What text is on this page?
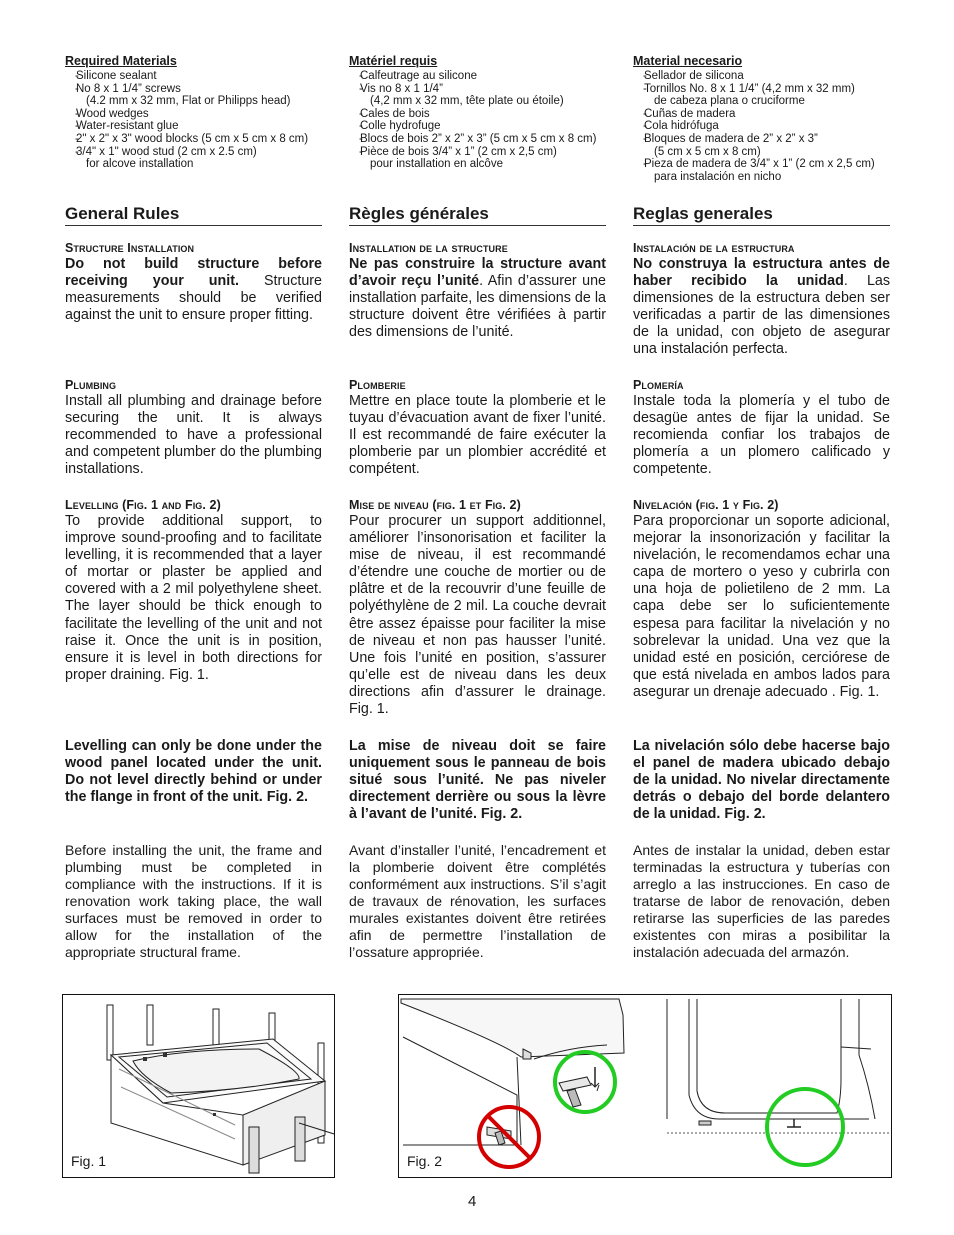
Required Materials

- Silicone sealant
- No 8 x 1 1/4” screws
(4.2 mm x 32 mm, Flat or Philipps head)
- Wood wedges
- Water-resistant glue
- 2" x 2" x 3" wood blocks (5 cm x 5 cm x 8 cm)
- 3/4" x 1" wood stud (2 cm x 2.5 cm)
for alcove installation
General Rules

Structure Installation

Do not build structure before receiving your unit. Structure measurements should be verified against the unit to ensure proper fitting.

Plumbing

Install all plumbing and drainage before securing the unit. It is always recommended to have a professional and competent plumber do the plumbing installations.

Levelling (Fig. 1 and Fig. 2)

To provide additional support, to improve sound-proofing and to facilitate levelling, it is recommended that a layer of mortar or plaster be applied and covered with a 2 mil polyethylene sheet. The layer should be thick enough to facilitate the levelling of the unit and not raise it. Once the unit is in position, ensure it is level in both directions for proper draining. Fig. 1.

Levelling can only be done under the wood panel located under the unit. Do not level directly behind or under the flange in front of the unit. Fig. 2.

Before installing the unit, the frame and plumbing must be completed in compliance with the instructions. If it is renovation work taking place, the wall surfaces must be removed in order to allow for the installation of the appropriate structural frame.

Matériel requis

- Calfeutrage au silicone
- Vis no 8 x 1 1/4”
(4,2 mm x 32 mm, tête plate ou étoile)
- Cales de bois
- Colle hydrofuge
- Blocs de bois 2” x 2” x 3” (5 cm x 5 cm x 8 cm)
- Pièce de bois 3/4” x 1” (2 cm x 2,5 cm)
pour installation en alcôve
Règles générales

Installation de la structure

Ne pas construire la structure avant d’avoir reçu l’unité. Afin d’assurer une installation parfaite, les dimensions de la structure doivent être vérifiées à partir des dimensions de l’unité.

Plomberie

Mettre en place toute la plomberie et le tuyau d’évacuation avant de fixer l’unité. Il est recommandé de faire exécuter la plomberie par un plombier accrédité et compétent.

Mise de niveau (fig. 1 et Fig. 2)

Pour procurer un support additionnel, améliorer l’insonorisation et faciliter la mise de niveau, il est recommandé d’étendre une couche de mortier ou de plâtre et de la recouvrir d’une feuille de polyéthylène de 2 mil. La couche devrait être assez épaisse pour faciliter la mise de niveau et non pas hausser l’unité. Une fois l’unité en position, s’assurer qu’elle est de niveau dans les deux directions afin d’assurer le drainage. Fig. 1.

La mise de niveau doit se faire uniquement sous le panneau de bois situé sous l’unité. Ne pas niveler directement derrière ou sous la lèvre à l’avant de l’unité. Fig. 2.

Avant d’installer l’unité, l’encadrement et la plomberie doivent être complétés conformément aux instructions. S’il s’agit de travaux de rénovation, les surfaces murales existantes doivent être retirées afin de permettre l’installation de l’ossature appropriée.

Material necesario

- Sellador de silicona
- Tornillos No. 8 x 1 1/4” (4,2 mm x 32 mm)
de cabeza plana o cruciforme
- Cuñas de madera
- Cola hidrófuga
- Bloques de madera de 2” x 2” x 3”
(5 cm x 5 cm x 8 cm)
- Pieza de madera de 3/4” x 1” (2 cm x 2,5 cm)
para instalación en nicho
Reglas generales

Instalación de la estructura

No construya la estructura antes de haber recibido la unidad. Las dimensiones de la estructura deben ser verificadas a partir de las dimensiones de la unidad, con objeto de asegurar una instalación perfecta.

Plomería

Instale toda la plomería y el tubo de desagüe antes de fijar la unidad. Se recomienda confiar los trabajos de plomería a un plomero calificado y competente.

Nivelación (fig. 1 y Fig. 2)

Para proporcionar un soporte adicional, mejorar la insonorización y facilitar la nivelación, le recomendamos echar una capa de mortero o yeso y cubrirla con una hoja de polietileno de 2 mm. La capa debe ser lo suficientemente espesa para facilitar la nivelación y no sobrelevar la unidad. Una vez que la unidad esté en posición, cerciórese de que está nivelada en ambos lados para asegurar un drenaje adecuado . Fig. 1.

La nivelación sólo debe hacerse bajo el panel de madera ubicado debajo de la unidad. No nivelar directamente detrás o debajo del borde delantero de la unidad. Fig. 2.

Antes de instalar la unidad, deben estar terminadas la estructura y tuberías con arreglo a las instrucciones. En caso de tratarse de labor de renovación, deben retirarse las superficies de las paredes existentes con miras a posibilitar la instalación adecuada del armazón.

Fig. 1	Fig. 2
4
